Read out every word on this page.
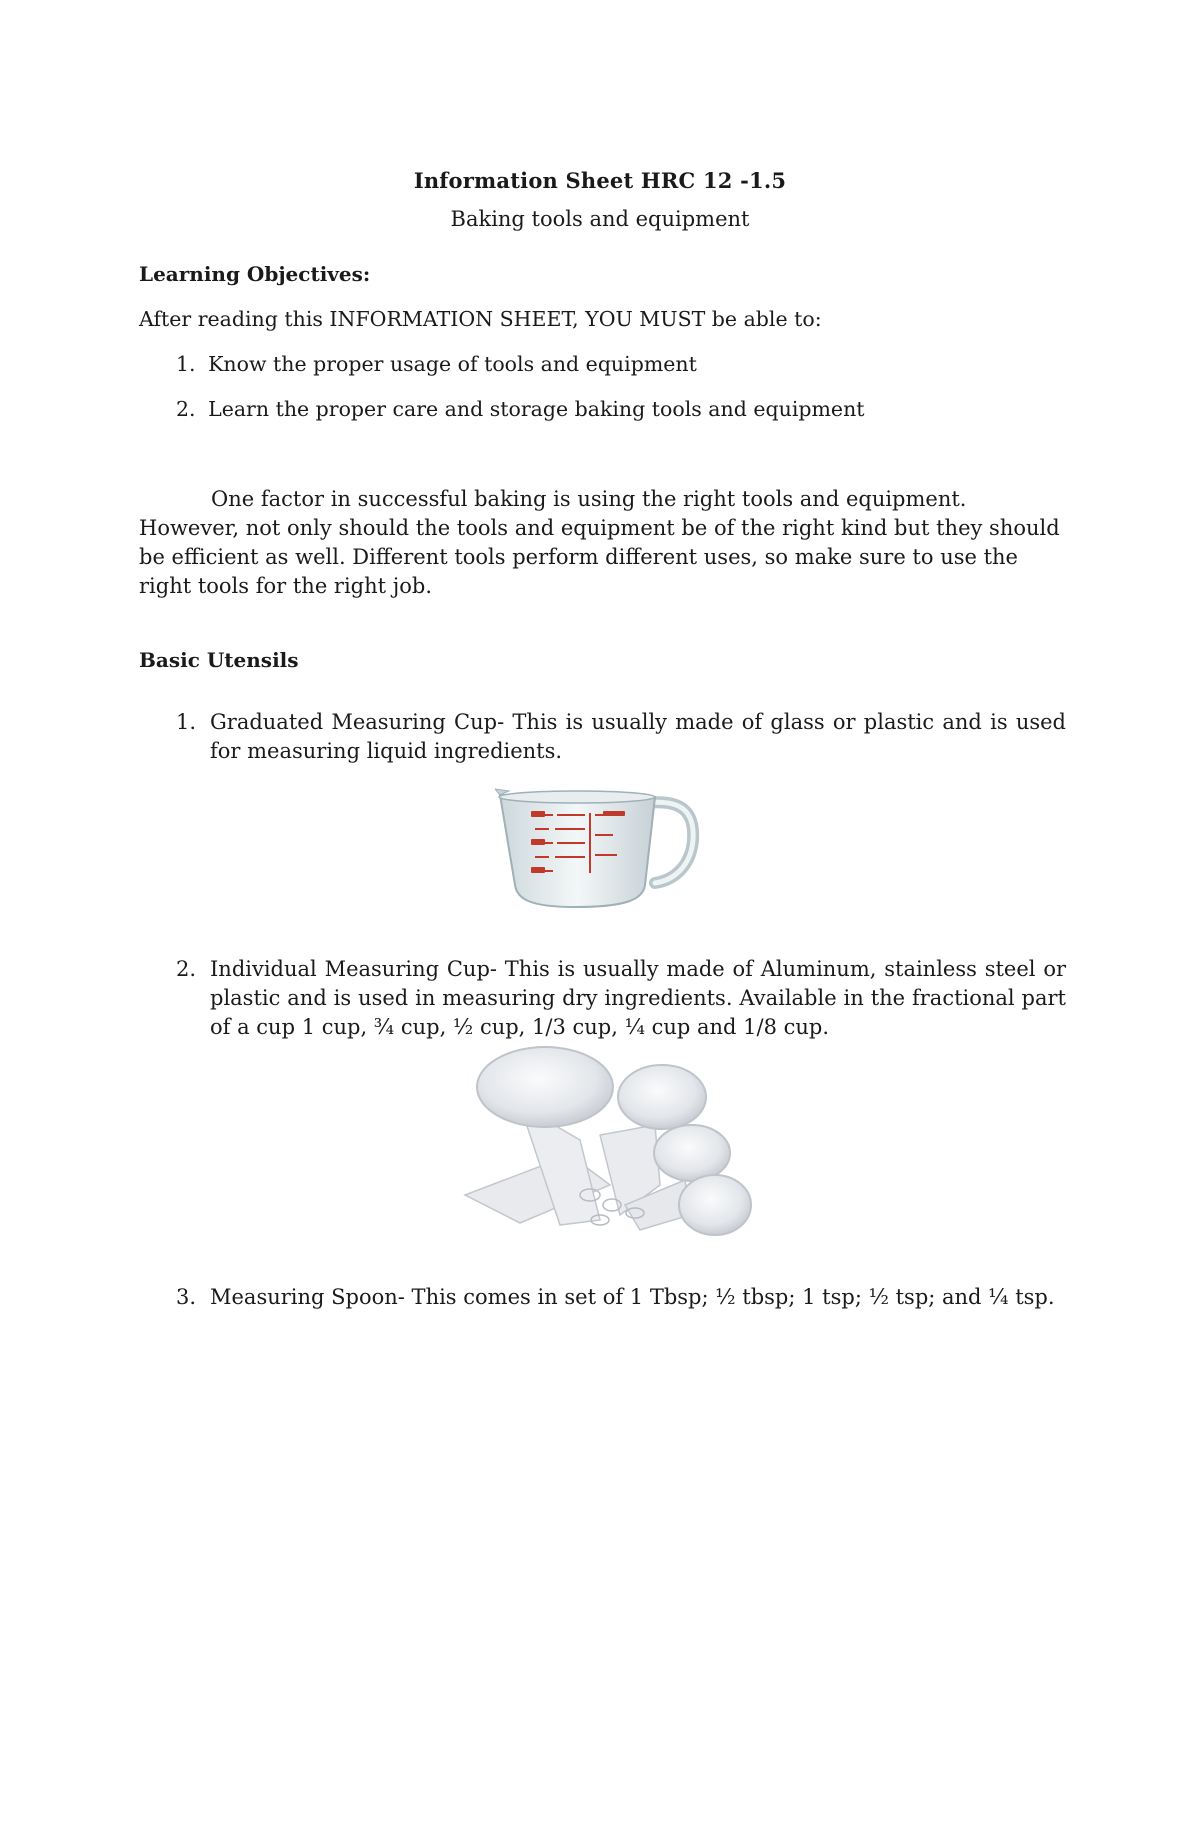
Information Sheet HRC 12 -1.5
Baking tools and equipment
Learning Objectives:
After reading this INFORMATION SHEET, YOU MUST be able to:
1. Know the proper usage of tools and equipment
2. Learn the proper care and storage baking tools and equipment
One factor in successful baking is using the right tools and equipment. However, not only should the tools and equipment be of the right kind but they should be efficient as well. Different tools perform different uses, so make sure to use the right tools for the right job.
Basic Utensils
1. Graduated Measuring Cup- This is usually made of glass or plastic and is used for measuring liquid ingredients.
2. Individual Measuring Cup- This is usually made of Aluminum, stainless steel or plastic and is used in measuring dry ingredients. Available in the fractional part of a cup 1 cup, ¾ cup, ½ cup, 1/3 cup, ¼ cup and 1/8 cup.
3. Measuring Spoon- This comes in set of 1 Tbsp; ½ tbsp; 1 tsp; ½ tsp; and ¼ tsp.
